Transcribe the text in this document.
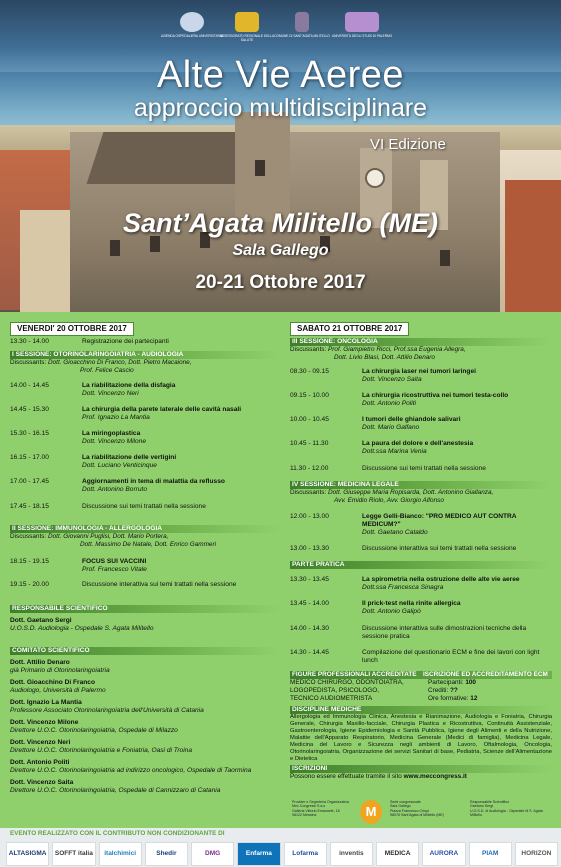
AZIENDA OSPEDALIERA UNIVERSITARIA
ASSESSORATO REGIONALE DELLA SALUTE
COMUNE DI SANT'AGATA MILITELLO UNIVERSITÀ DEGLI STUDI DI PALERMO
Alte Vie Aeree
approccio multidisciplinare
VI Edizione
Sant’Agata Militello (ME)
Sala Gallego
20-21 Ottobre 2017
VENERDI' 20 OTTOBRE 2017	SABATO 21 OTTOBRE 2017
13.30 - 14.00	Registrazione dei partecipanti
I SESSIONE: OTORINOLARINGOIATRIA - AUDIOLOGIA
Discussants: Dott. Gioacchino Di Franco, Dott. Pietro Macaione,
Prof. Felice Cascio
14.00 - 14.45	La riabilitazione della disfagia
Dott. Vincenzo Neri
14.45 - 15.30	La chirurgia della parete laterale delle cavità nasali
Prof. Ignazio La Mantia
15.30 - 16.15	La miringoplastica
Dott. Vincenzo Milone
16.15 - 17.00	La riabilitazione delle vertigini
Dott. Luciano Venticinque
17.00 - 17.45	Aggiornamenti in tema di malattia da reflusso
Dott. Antonino Borruto
17.45 - 18.15	Discussione sui temi trattati nella sessione
II SESSIONE: IMMUNOLOGIA - ALLERGOLOGIA
Discussants: Dott. Giovanni Puglisi, Dott. Mario Portera,
Dott. Massimo De Natale, Dott. Enrico Gammeri
18.15 - 19.15	FOCUS SUI VACCINI
Prof. Francesco Vitale
19.15 - 20.00	Discussione interattiva sui temi trattati nella sessione
RESPONSABILE SCIENTIFICO
Dott. Gaetano Sergi
U.O.S.D. Audiologia - Ospedale S. Agata Militello
COMITATO SCIENTIFICO
Dott. Attilio Denaro
già Primario di Otorinolaringoiatria
Dott. Gioacchino Di Franco
Audiologo, Università di Palermo
Dott. Ignazio La Mantia
Professore Associato Otorinolaringoiatria dell'Università di Catania
Dott. Vincenzo Milone
Direttore U.O.C. Otorinolaringoiatria, Ospedale di Milazzo
Dott. Vincenzo Neri
Direttore U.O.C. Otorinolaringoiatria e Foniatria, Oasi di Troina
Dott. Antonio Politi
Direttore U.O.C. Otorinolaringoiatria ad indirizzo oncologico, Ospedale di Taormina
Dott. Vincenzo Saita
Direttore U.O.C. Otorinolaringoiatria, Ospedale di Cannizzaro di Catania
III SESSIONE: ONCOLOGIA
Discussants: Prof. Giampietro Ricci, Prof.ssa Eugenia Allegra,
Dott. Livio Blasi, Dott. Attilio Denaro
08.30 - 09.15	La chirurgia laser nei tumori laringei
Dott. Vincenzo Saita
09.15 - 10.00	La chirurgia ricostruttiva nei tumori testa-collo
Dott. Antonio Politi
10.00 - 10.45	I tumori delle ghiandole salivari
Dott. Mario Galfano
10.45 - 11.30	La paura del dolore e dell'anestesia
Dott.ssa Marina Venia
11.30 - 12.00	Discussione sui temi trattati nella sessione
IV SESSIONE: MEDICINA LEGALE
Discussants: Dott. Giuseppe Maria Ropisarda, Dott. Antonino Giallanza,
Avv. Emidio Riolo, Avv. Giorgio Alfonso
12.00 - 13.00	Legge Gelli-Bianco: "PRO MEDICO AUT CONTRA MEDICUM?"
Dott. Gaetano Cataldo
13.00 - 13.30	Discussione interattiva sui temi trattati nella sessione
PARTE PRATICA
13.30 - 13.45	La spirometria nella ostruzione delle alte vie aeree
Dott.ssa Francesca Sinagra
13.45 - 14.00	Il prick-test nella rinite allergica
Dott. Antonio Galipò
14.00 - 14.30	Discussione interattiva sulle dimostrazioni tecniche della sessione pratica
14.30 - 14.45	Compilazione del questionario ECM e fine dei lavori con light lunch
FIGURE PROFESSIONALI ACCREDITATE	ISCRIZIONE ED ACCREDITAMENTO ECM
MEDICO CHIRURGO, ODONTOIATRA,
LOGOPEDISTA, PSICOLOGO,
TECNICO AUDIOMETRISTA
Partecipanti: 100
Crediti: ??
Ore formative: 12
DISCIPLINE MEDICHE
Allergologia ed Immunologia Clinica, Anestesia e Rianimazione, Audiologia e Foniatria, Chirurgia Generale, Chirurgia Maxillo-facciale, Chirurgia Plastica e Ricostruttiva, Continuità Assistenziale, Gastroenterologia, Igiene Epidemiologia e Sanità Pubblica, Igiene degli Alimenti e della Nutrizione, Malattie dell'Apparato Respiratorio, Medicina Generale (Medici di famiglia), Medicina Legale, Medicina del Lavoro e Sicurezza negli ambienti di Lavoro, Oftalmologia, Oncologia, Otorinolaringoiatria, Organizzazione dei servizi Sanitari di base, Pediatria, Scienze dell'Alimentazione e Dietetica
ISCRIZIONI
Possono essere effettuate tramite il sito www.meccongress.it
Provider e Segreteria Organizzativa
Mec Congressi S.a.s
Galleria Vittorio Emanuele, 18
98122 Messina	M
Sede congressuale
Sala Gallego
Piazza Francesco Crispi
98076 Sant'Agata di Militello (ME)
Responsabile Scientifico
Gaetano Sergi
U.O.S.D. di Audiologia - Ospedale di S. Agata Militello
EVENTO REALIZZATO CON IL CONTRIBUTO NON CONDIZIONANTE DI
ALTASIGMA	SOFFT italia	italchimici	Shedir	DMG	Enfarma	Lofarma	inventis	MEDICA	AURORA	PIAM	HORIZON
